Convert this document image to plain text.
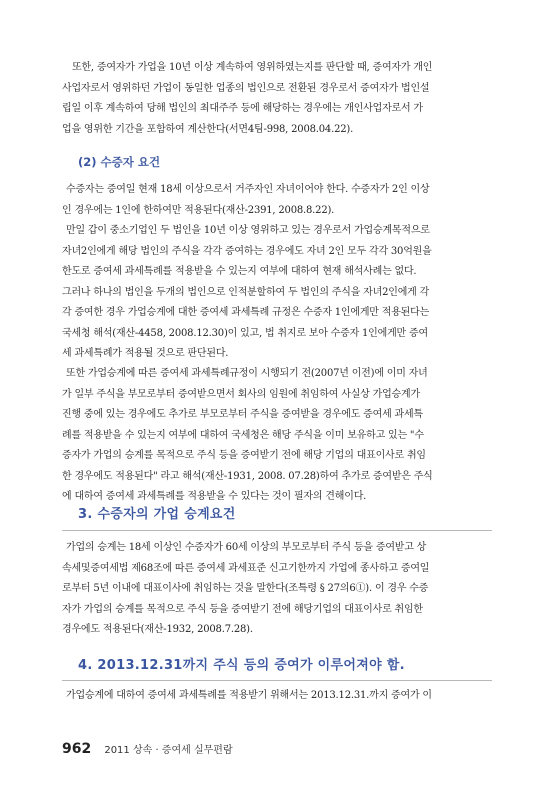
또한, 증여자가 가업을 10년 이상 계속하여 영위하였는지를 판단할 때, 증여자가 개인
사업자로서 영위하던 가업이 동일한 업종의 법인으로 전환된 경우로서 증여자가 법인설
립일 이후 계속하여 당해 법인의 최대주주 등에 해당하는 경우에는 개인사업자로서 가
업을 영위한 기간을 포함하여 계산한다(서면4팀-998, 2008.04.22).

(2) 수증자 요건

수증자는 증여일 현재 18세 이상으로서 거주자인 자녀이어야 한다. 수증자가 2인 이상
인 경우에는 1인에 한하여만 적용된다(재산-2391, 2008.8.22).

만일 갑이 중소기업인 두 법인을 10년 이상 영위하고 있는 경우로서 가업승계목적으로
자녀2인에게 해당 법인의 주식을 각각 증여하는 경우에도 자녀 2인 모두 각각 30억원을
한도로 증여세 과세특례를 적용받을 수 있는지 여부에 대하여 현재 해석사례는 없다.
그러나 하나의 법인을 두개의 법인으로 인적분할하여 두 법인의 주식을 자녀2인에게 각
각 증여한 경우 가업승계에 대한 증여세 과세특례 규정은 수증자 1인에게만 적용된다는
국세청 해석(재산-4458, 2008.12.30)이 있고, 법 취지로 보아 수증자 1인에게만 증여
세 과세특례가 적용될 것으로 판단된다.

또한 가업승계에 따른 증여세 과세특례규정이 시행되기 전(2007년 이전)에 이미 자녀
가 일부 주식을 부모로부터 증여받으면서 회사의 임원에 취임하여 사실상 가업승계가
진행 중에 있는 경우에도 추가로 부모로부터 주식을 증여받을 경우에도 증여세 과세특
례를 적용받을 수 있는지 여부에 대하여 국세청은 해당 주식을 이미 보유하고 있는 "수
증자가 가업의 승계를 목적으로 주식 등을 증여받기 전에 해당 기업의 대표이사로 취임
한 경우에도 적용된다" 라고 해석(재산-1931, 2008. 07.28)하여 추가로 증여받은 주식
에 대하여 증여세 과세특례를 적용받을 수 있다는 것이 필자의 견해이다.

3. 수증자의 가업 승계요건

가업의 승계는 18세 이상인 수증자가 60세 이상의 부모로부터 주식 등을 증여받고 상
속세및증여세법 제68조에 따른 증여세 과세표준 신고기한까지 가업에 종사하고 증여일
로부터 5년 이내에 대표이사에 취임하는 것을 말한다(조특령 § 27의6①). 이 경우 수증
자가 가업의 승계를 목적으로 주식 등을 증여받기 전에 해당기업의 대표이사로 취임한
경우에도 적용된다(재산-1932, 2008.7.28).

4. 2013.12.31까지 주식 등의 증여가 이루어져야 함.

가업승계에 대하여 증여세 과세특례를 적용받기 위해서는 2013.12.31.까지 증여가 이

962 2011 상속 · 증여세 실무편람
